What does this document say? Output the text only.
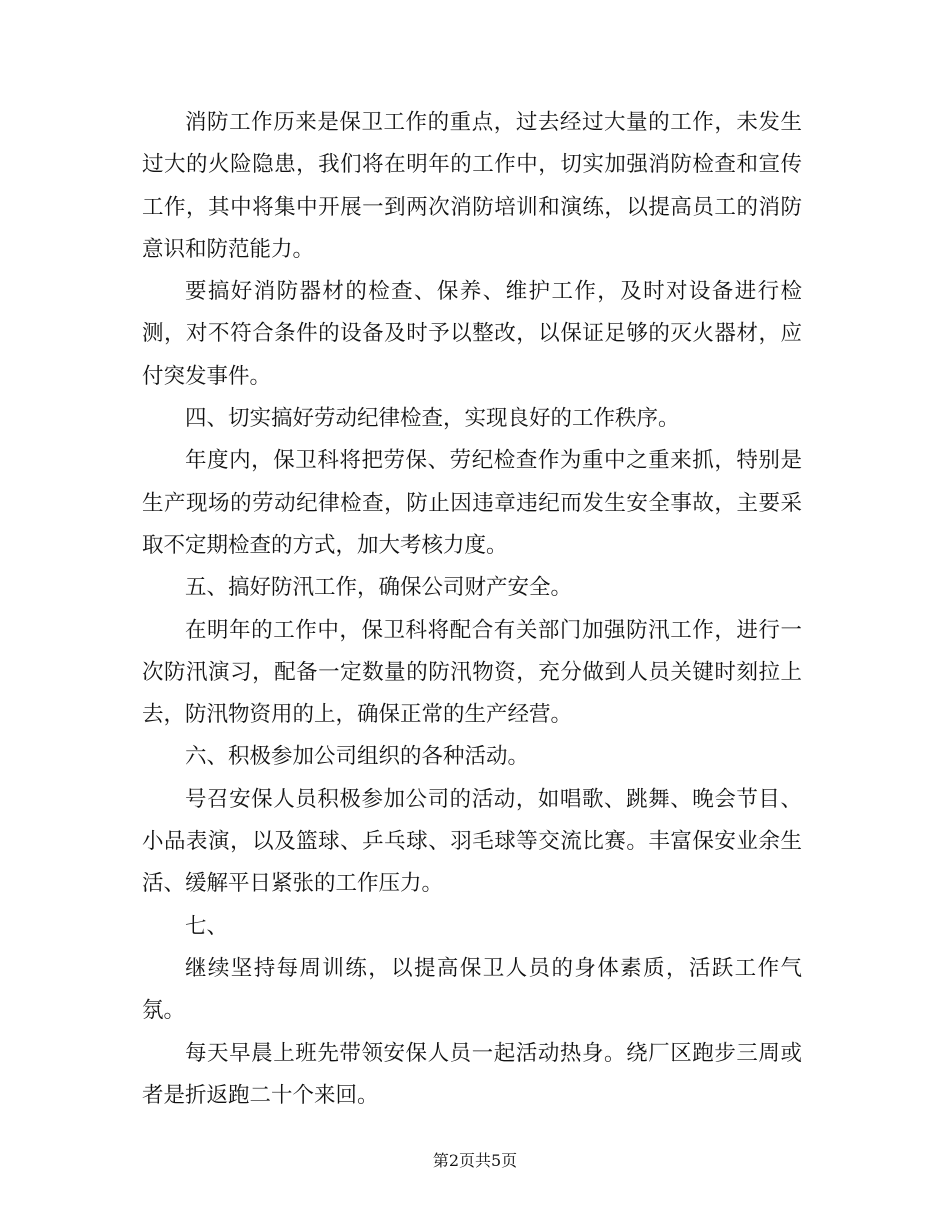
消防工作历来是保卫工作的重点，过去经过大量的工作，未发生过大的火险隐患，我们将在明年的工作中，切实加强消防检查和宣传工作，其中将集中开展一到两次消防培训和演练，以提高员工的消防意识和防范能力。

要搞好消防器材的检查、保养、维护工作，及时对设备进行检测，对不符合条件的设备及时予以整改，以保证足够的灭火器材，应付突发事件。

四、切实搞好劳动纪律检查，实现良好的工作秩序。

年度内，保卫科将把劳保、劳纪检查作为重中之重来抓，特别是生产现场的劳动纪律检查，防止因违章违纪而发生安全事故，主要采取不定期检查的方式，加大考核力度。

五、搞好防汛工作，确保公司财产安全。

在明年的工作中，保卫科将配合有关部门加强防汛工作，进行一次防汛演习，配备一定数量的防汛物资，充分做到人员关键时刻拉上去，防汛物资用的上，确保正常的生产经营。

六、积极参加公司组织的各种活动。

号召安保人员积极参加公司的活动，如唱歌、跳舞、晚会节目、小品表演，以及篮球、乒乓球、羽毛球等交流比赛。丰富保安业余生活、缓解平日紧张的工作压力。

七、

继续坚持每周训练，以提高保卫人员的身体素质，活跃工作气氛。

每天早晨上班先带领安保人员一起活动热身。绕厂区跑步三周或者是折返跑二十个来回。

第2页共5页
